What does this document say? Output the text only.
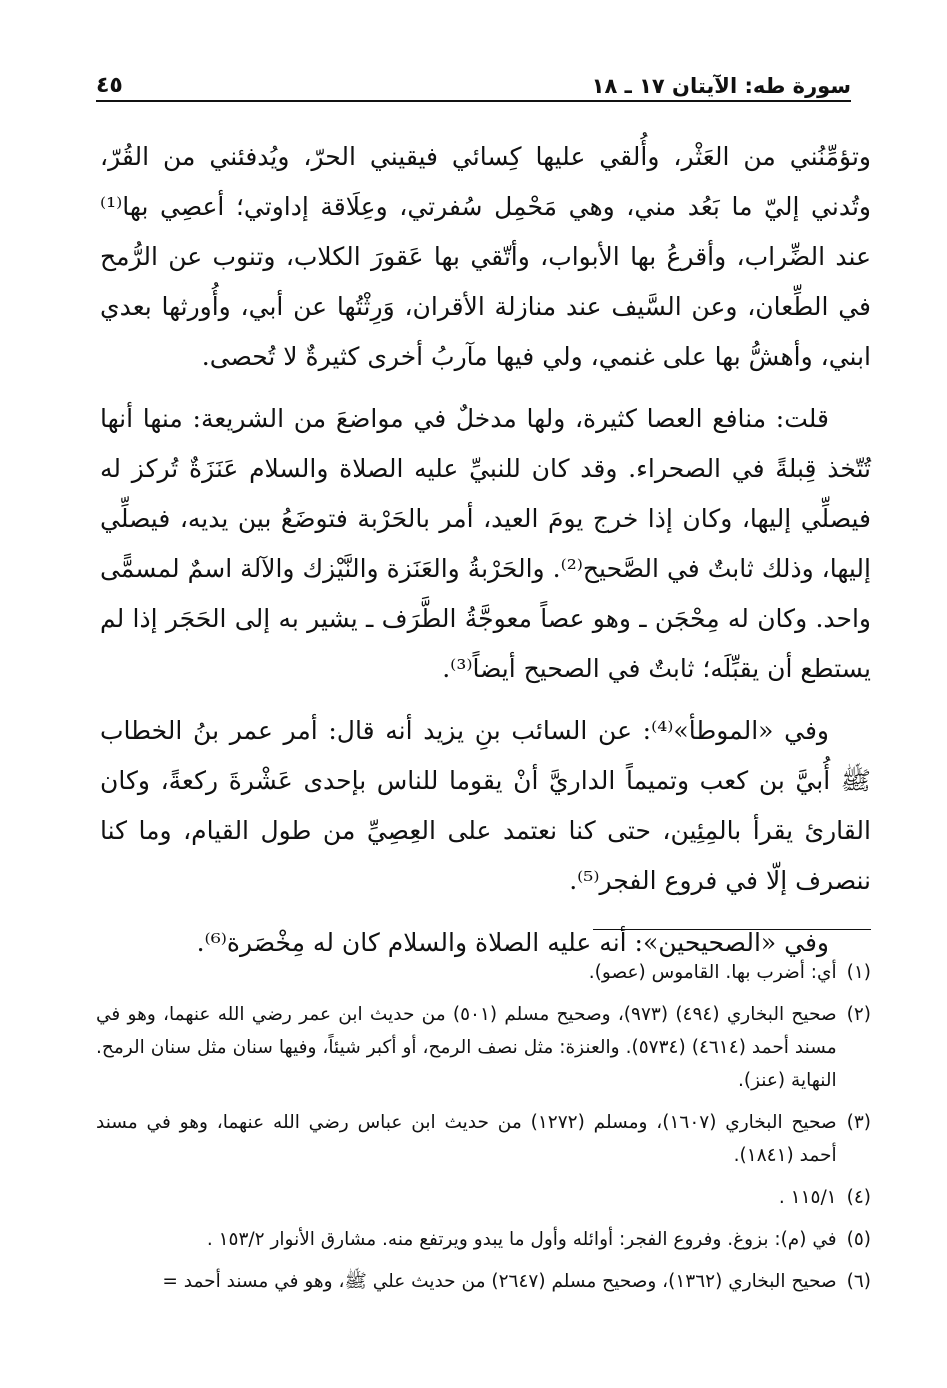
سورة طه: الآيتان ١٧ ـ ١٨
٤٥

وتؤمِّنُني من العَثْر، وأُلقي عليها كِسائي فيقيني الحرّ، ويُدفئني من القُرّ، وتُدني إليّ ما بَعُد مني، وهي مَحْمِل سُفرتي، وعِلَاقة إداوتي؛ أعصِي بها⁽¹⁾ عند الضِّراب، وأقرعُ بها الأبواب، وأتّقي بها عَقورَ الكلاب، وتنوب عن الرُّمح في الطِّعان، وعن السَّيف عند منازلة الأقران، وَرِثْتُها عن أبي، وأُورثها بعدي ابني، وأهشُّ بها على غنمي، ولي فيها مآربُ أخرى كثيرةٌ لا تُحصى.

قلت: منافع العصا كثيرة، ولها مدخلٌ في مواضعَ من الشريعة: منها أنها تُتّخذ قِبلةً في الصحراء. وقد كان للنبيِّ عليه الصلاة والسلام عَنَزَةٌ تُركز له فيصلِّي إليها، وكان إذا خرج يومَ العيد، أمر بالحَرْبة فتوضَعُ بين يديه، فيصلِّي إليها، وذلك ثابتٌ في الصَّحيح⁽²⁾. والحَرْبةُ والعَنَزة والنَّيْزك والآلة اسمٌ لمسمًّى واحد. وكان له مِحْجَن ـ وهو عصاً معوجَّةُ الطَّرَف ـ يشير به إلى الحَجَر إذا لم يستطع أن يقبِّلَه؛ ثابتٌ في الصحيح أيضاً⁽³⁾.

وفي «الموطأ»⁽⁴⁾: عن السائب بنِ يزيد أنه قال: أمر عمر بنُ الخطاب ﷺ أُبيَّ بن كعب وتميماً الداريَّ أنْ يقوما للناس بإحدى عَشْرةَ ركعةً، وكان القارئ يقرأ بالمِئِين، حتى كنا نعتمد على العِصِيِّ من طول القيام، وما كنا ننصرف إلّا في فروع الفجر⁽⁵⁾.

وفي «الصحيحين»: أنه عليه الصلاة والسلام كان له مِخْصَرة⁽⁶⁾.

(١)
أي: أضرب بها. القاموس (عصو).
(٢)
صحيح البخاري (٤٩٤) (٩٧٣)، وصحيح مسلم (٥٠١) من حديث ابن عمر رضي الله عنهما، وهو في مسند أحمد (٤٦١٤) (٥٧٣٤). والعنزة: مثل نصف الرمح، أو أكبر شيئاً، وفيها سنان مثل سنان الرمح. النهاية (عنز).
(٣)
صحيح البخاري (١٦٠٧)، ومسلم (١٢٧٢) من حديث ابن عباس رضي الله عنهما، وهو في مسند أحمد (١٨٤١).
(٤)
١١٥/١ .
(٥)
في (م): بزوغ. وفروع الفجر: أوائله وأول ما يبدو ويرتفع منه. مشارق الأنوار ١٥٣/٢ .
(٦)
صحيح البخاري (١٣٦٢)، وصحيح مسلم (٢٦٤٧) من حديث علي ﷺ، وهو في مسند أحمد =
